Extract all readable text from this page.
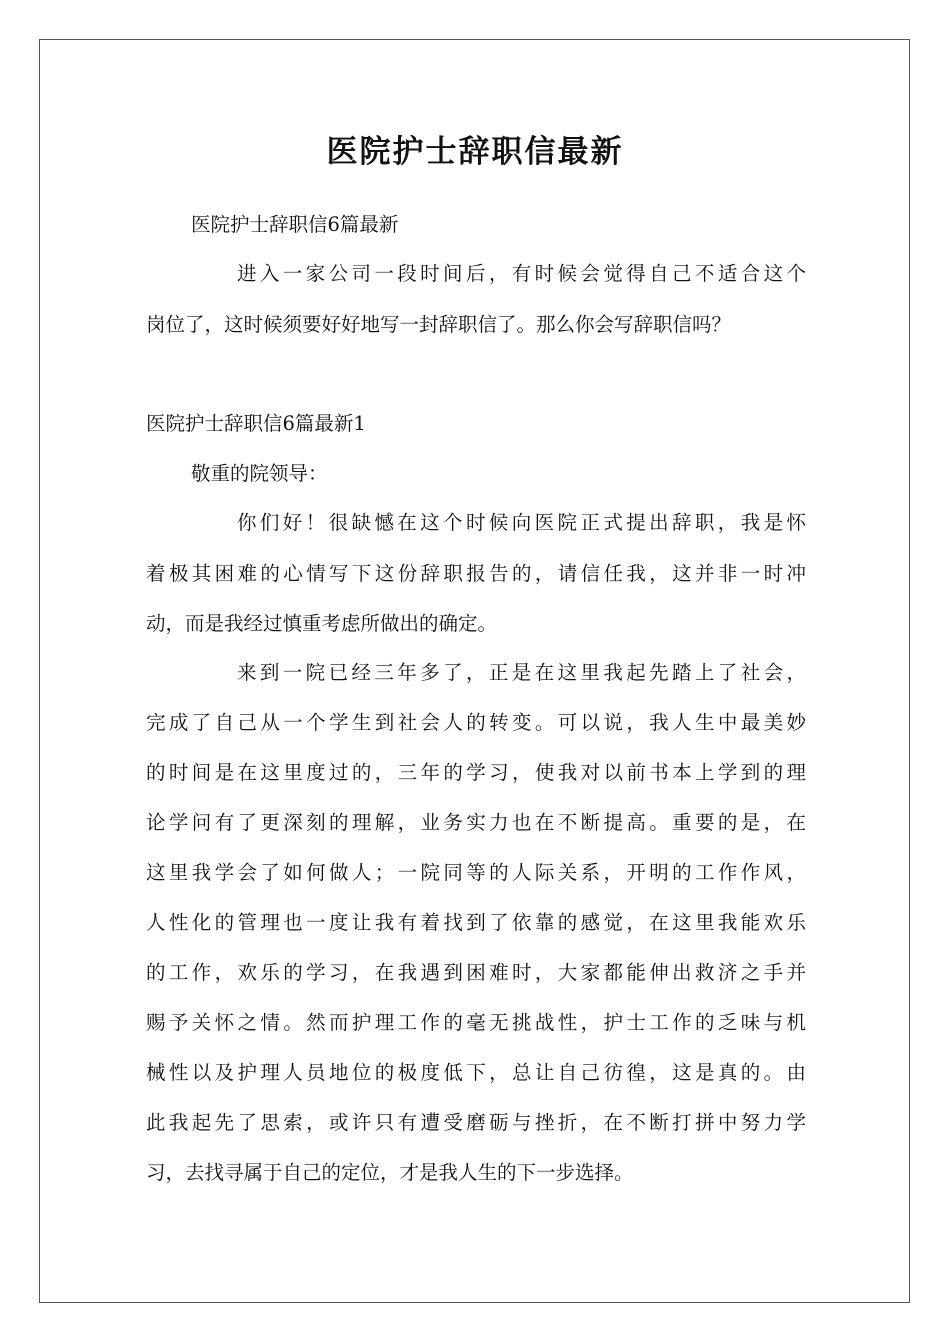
医院护士辞职信最新
医院护士辞职信6篇最新
进入一家公司一段时间后，有时候会觉得自己不适合这个
岗位了，这时候须要好好地写一封辞职信了。那么你会写辞职信吗？
医院护士辞职信6篇最新1
敬重的院领导：
你们好！很缺憾在这个时候向医院正式提出辞职，我是怀
着极其困难的心情写下这份辞职报告的，请信任我，这并非一时冲
动，而是我经过慎重考虑所做出的确定。
来到一院已经三年多了，正是在这里我起先踏上了社会，
完成了自己从一个学生到社会人的转变。可以说，我人生中最美妙
的时间是在这里度过的，三年的学习，使我对以前书本上学到的理
论学问有了更深刻的理解，业务实力也在不断提高。重要的是，在
这里我学会了如何做人；一院同等的人际关系，开明的工作作风，
人性化的管理也一度让我有着找到了依靠的感觉，在这里我能欢乐
的工作，欢乐的学习，在我遇到困难时，大家都能伸出救济之手并
赐予关怀之情。然而护理工作的毫无挑战性，护士工作的乏味与机
械性以及护理人员地位的极度低下，总让自己彷徨，这是真的。由
此我起先了思索，或许只有遭受磨砺与挫折，在不断打拼中努力学
习，去找寻属于自己的定位，才是我人生的下一步选择。
